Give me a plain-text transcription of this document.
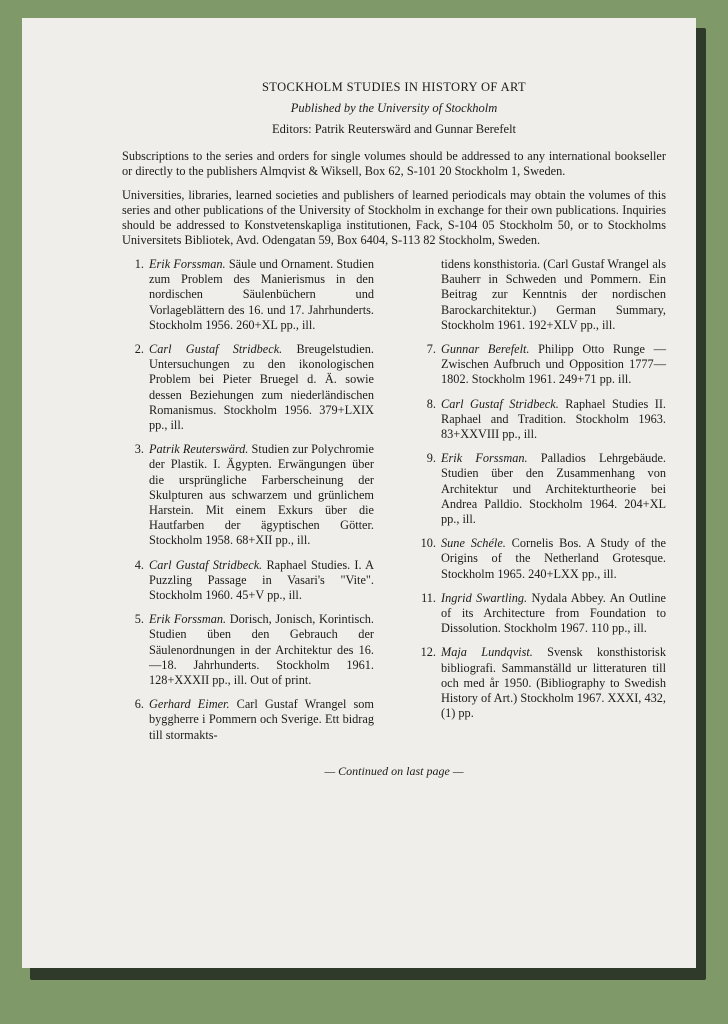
STOCKHOLM STUDIES IN HISTORY OF ART
Published by the University of Stockholm
Editors: Patrik Reuterswärd and Gunnar Berefelt

Subscriptions to the series and orders for single volumes should be addressed to any international bookseller or directly to the publishers Almqvist & Wiksell, Box 62, S-101 20 Stockholm 1, Sweden.

Universities, libraries, learned societies and publishers of learned periodicals may obtain the volumes of this series and other publications of the University of Stockholm in exchange for their own publications. Inquiries should be addressed to Konstvetenskapliga institutionen, Fack, S-104 05 Stockholm 50, or to Stockholms Universitets Bibliotek, Avd. Odengatan 59, Box 6404, S-113 82 Stockholm, Sweden.

1. Erik Forssman. Säule und Ornament. Studien zum Problem des Manierismus in den nordischen Säulenbüchern und Vorlageblättern des 16. und 17. Jahrhunderts. Stockholm 1956. 260+XL pp., ill.
2. Carl Gustaf Stridbeck. Breugelstudien. Untersuchungen zu den ikonologischen Problem bei Pieter Bruegel d. Ä. sowie dessen Beziehungen zum niederländischen Romanismus. Stockholm 1956. 379+LXIX pp., ill.
3. Patrik Reuterswärd. Studien zur Polychromie der Plastik. I. Ägypten. Erwängungen über die ursprüngliche Farberscheinung der Skulpturen aus schwarzem und grünlichem Harstein. Mit einem Exkurs über die Hautfarben der ägyptischen Götter. Stockholm 1958. 68+XII pp., ill.
4. Carl Gustaf Stridbeck. Raphael Studies. I. A Puzzling Passage in Vasari's "Vite". Stockholm 1960. 45+V pp., ill.
5. Erik Forssman. Dorisch, Jonisch, Korintisch. Studien üben den Gebrauch der Säulenordnungen in der Architektur des 16.—18. Jahrhunderts. Stockholm 1961. 128+XXXII pp., ill. Out of print.
6. Gerhard Eimer. Carl Gustaf Wrangel som byggherre i Pommern och Sverige. Ett bidrag till stormakts-
tidens konsthistoria. (Carl Gustaf Wrangel als Bauherr in Schweden und Pommern. Ein Beitrag zur Kenntnis der nordischen Barockarchitektur.) German Summary, Stockholm 1961. 192+XLV pp., ill.
7. Gunnar Berefelt. Philipp Otto Runge — Zwischen Aufbruch und Opposition 1777—1802. Stockholm 1961. 249+71 pp. ill.
8. Carl Gustaf Stridbeck. Raphael Studies II. Raphael and Tradition. Stockholm 1963. 83+XXVIII pp., ill.
9. Erik Forssman. Palladios Lehrgebäude. Studien über den Zusammenhang von Architektur und Architekturtheorie bei Andrea Palldio. Stockholm 1964. 204+XL pp., ill.
10. Sune Schéle. Cornelis Bos. A Study of the Origins of the Netherland Grotesque. Stockholm 1965. 240+LXX pp., ill.
11. Ingrid Swartling. Nydala Abbey. An Outline of its Architecture from Foundation to Dissolution. Stockholm 1967. 110 pp., ill.
12. Maja Lundqvist. Svensk konsthistorisk bibliografi. Sammanställd ur litteraturen till och med år 1950. (Bibliography to Swedish History of Art.) Stockholm 1967. XXXI, 432, (1) pp.
— Continued on last page —
